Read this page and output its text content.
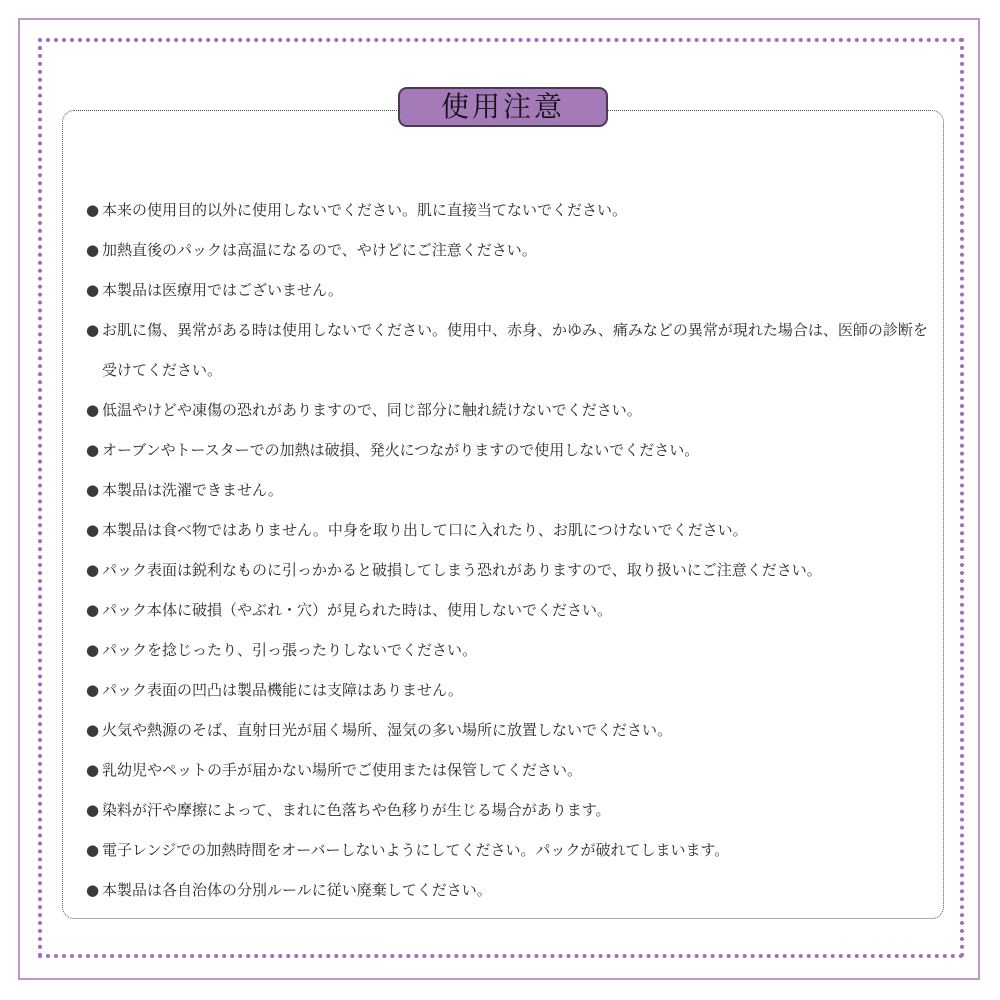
使用注意
● 本来の使用目的以外に使用しないでください。肌に直接当てないでください。
● 加熱直後のパックは高温になるので、やけどにご注意ください。
● 本製品は医療用ではございません。
● お肌に傷、異常がある時は使用しないでください。使用中、赤身、かゆみ、痛みなどの異常が現れた場合は、医師の診断を受けてください。
● 低温やけどや凍傷の恐れがありますので、同じ部分に触れ続けないでください。
● オーブンやトースターでの加熱は破損、発火につながりますので使用しないでください。
● 本製品は洗濯できません。
● 本製品は食べ物ではありません。中身を取り出して口に入れたり、お肌につけないでください。
● パック表面は鋭利なものに引っかかると破損してしまう恐れがありますので、取り扱いにご注意ください。
● パック本体に破損（やぶれ・穴）が見られた時は、使用しないでください。
● パックを捻じったり、引っ張ったりしないでください。
● パック表面の凹凸は製品機能には支障はありません。
● 火気や熱源のそば、直射日光が届く場所、湿気の多い場所に放置しないでください。
● 乳幼児やペットの手が届かない場所でご使用または保管してください。
● 染料が汗や摩擦によって、まれに色落ちや色移りが生じる場合があります。
● 電子レンジでの加熱時間をオーバーしないようにしてください。パックが破れてしまいます。
● 本製品は各自治体の分別ルールに従い廃棄してください。
